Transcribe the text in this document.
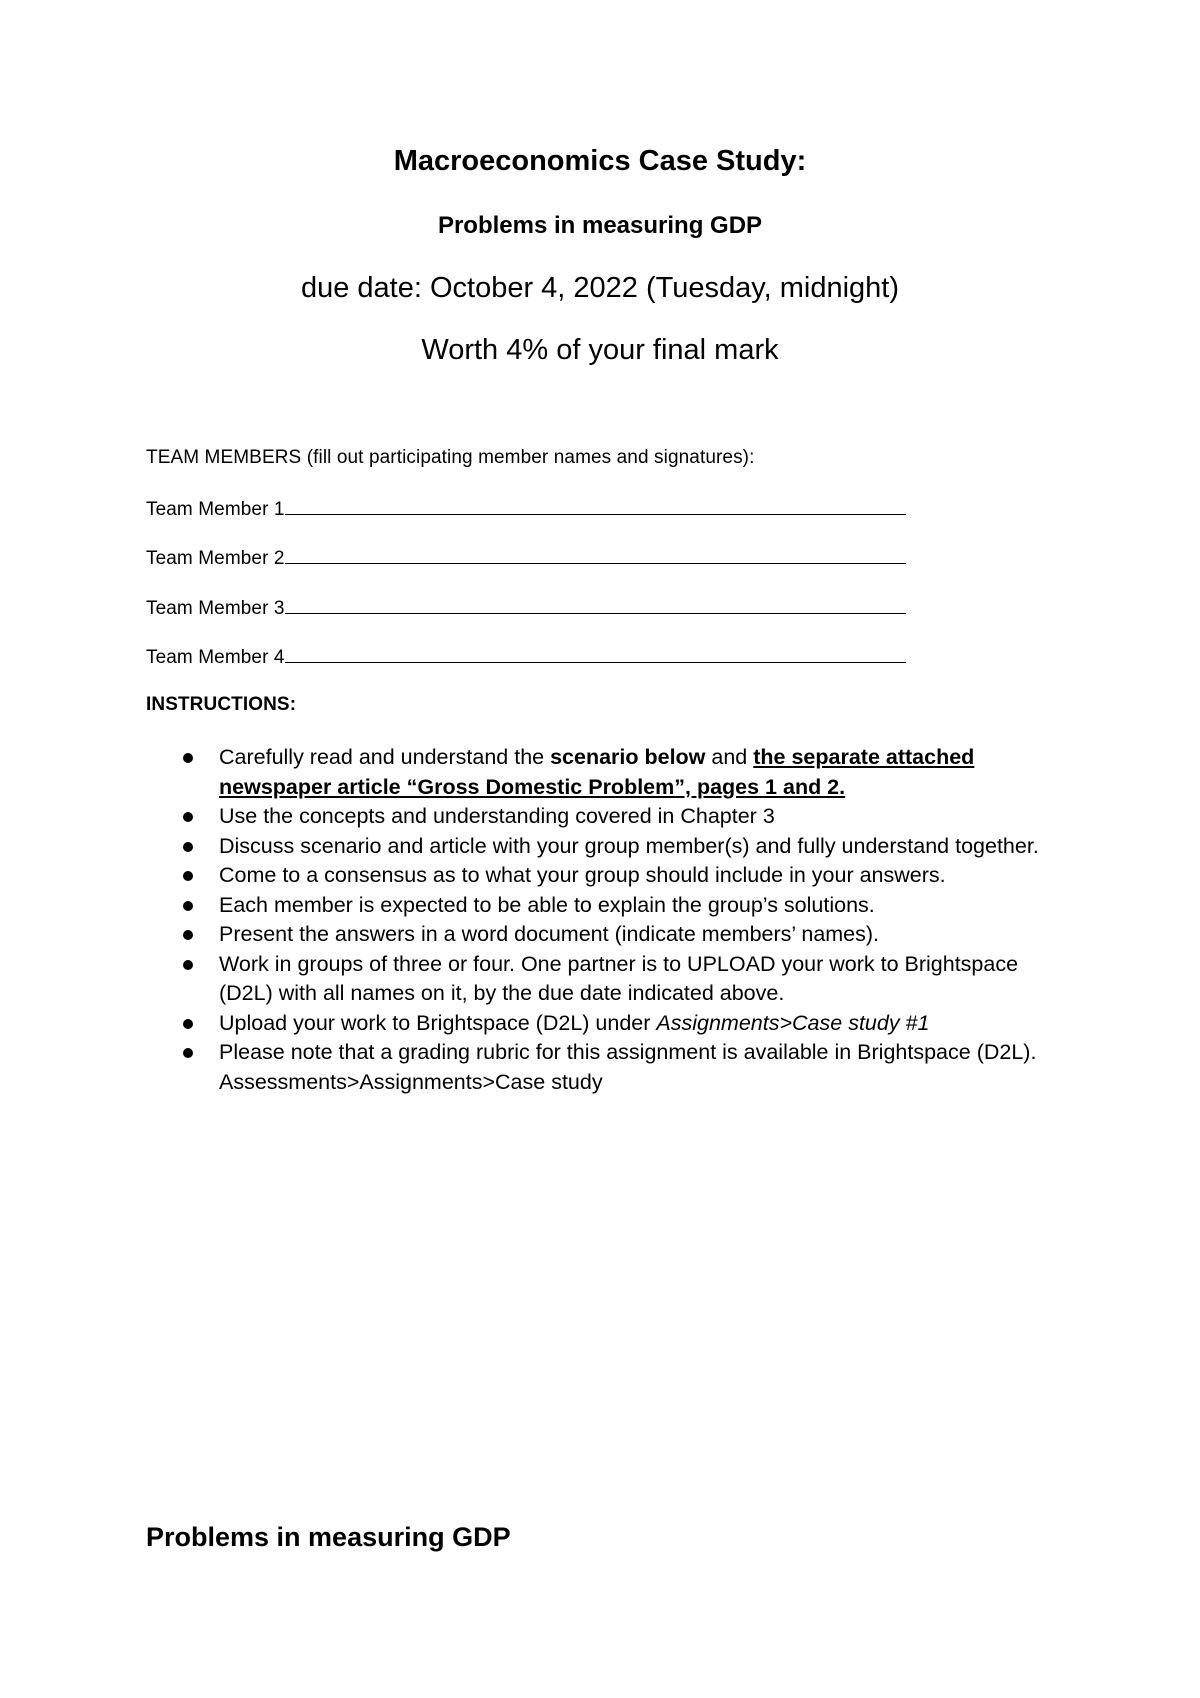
Macroeconomics Case Study:
Problems in measuring GDP
due date: October 4, 2022 (Tuesday, midnight)
Worth 4% of your final mark
TEAM MEMBERS (fill out participating member names and signatures):
Team Member 1
Team Member 2
Team Member 3
Team Member 4
INSTRUCTIONS:
Carefully read and understand the scenario below and the separate attached newspaper article “Gross Domestic Problem”, pages 1 and 2.
Use the concepts and understanding covered in Chapter 3
Discuss scenario and article with your group member(s) and fully understand together.
Come to a consensus as to what your group should include in your answers.
Each member is expected to be able to explain the group’s solutions.
Present the answers in a word document (indicate members’ names).
Work in groups of three or four. One partner is to UPLOAD your work to Brightspace (D2L) with all names on it, by the due date indicated above.
Upload your work to Brightspace (D2L) under Assignments>Case study #1
Please note that a grading rubric for this assignment is available in Brightspace (D2L). Assessments>Assignments>Case study
Problems in measuring GDP
